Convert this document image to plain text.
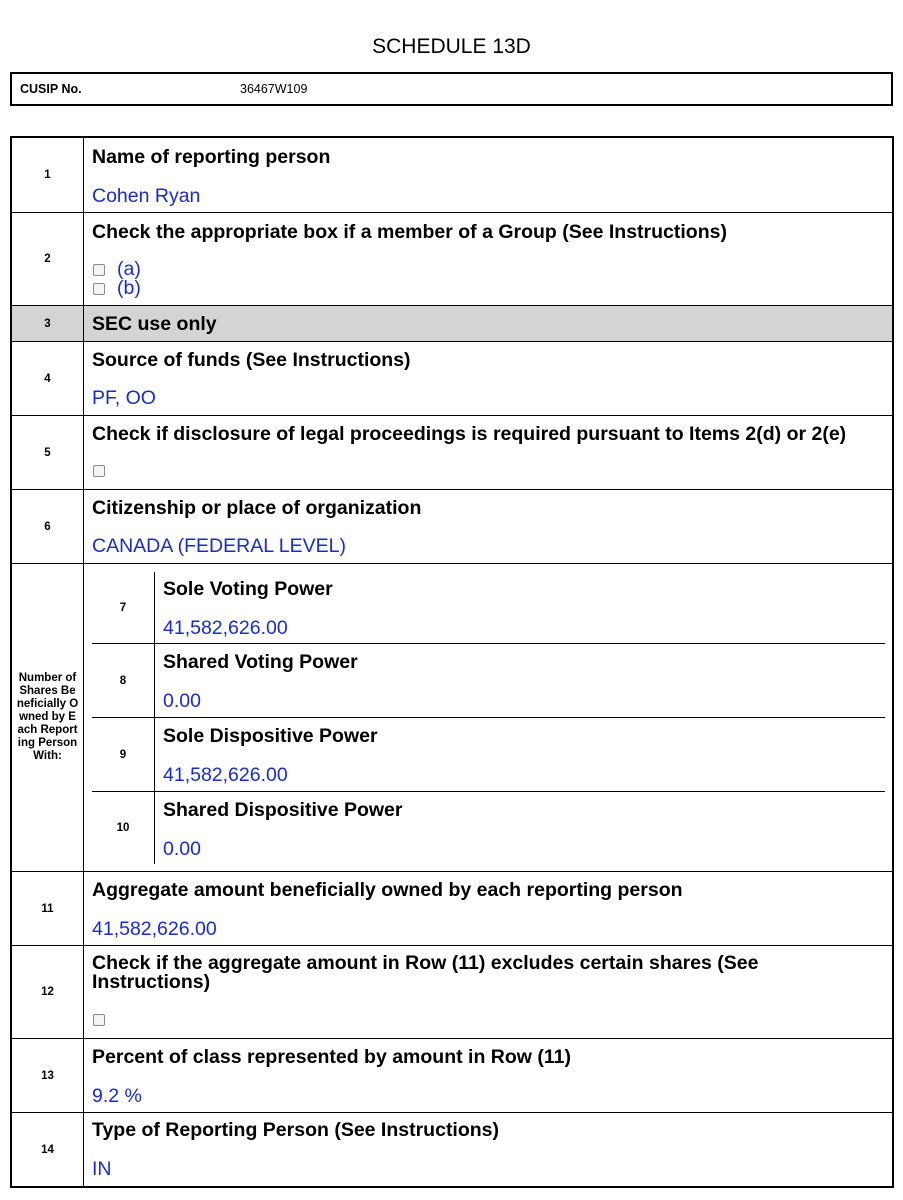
SCHEDULE 13D
CUSIP No.	36467W109
1
Name of reporting person
Cohen Ryan
2
Check the appropriate box if a member of a Group (See Instructions)
(a)
(b)
3	SEC use only
4
Source of funds (See Instructions)
PF, OO
5
Check if disclosure of legal proceedings is required pursuant to Items 2(d) or 2(e)
6
Citizenship or place of organization
CANADA (FEDERAL LEVEL)
Number of Shares Beneficially Owned by Each Reporting Person With:
7
Sole Voting Power
41,582,626.00
8
Shared Voting Power
0.00
9
Sole Dispositive Power
41,582,626.00
10
Shared Dispositive Power
0.00
11
Aggregate amount beneficially owned by each reporting person
41,582,626.00
12
Check if the aggregate amount in Row (11) excludes certain shares (See Instructions)
13
Percent of class represented by amount in Row (11)
9.2 %
14
Type of Reporting Person (See Instructions)
IN
